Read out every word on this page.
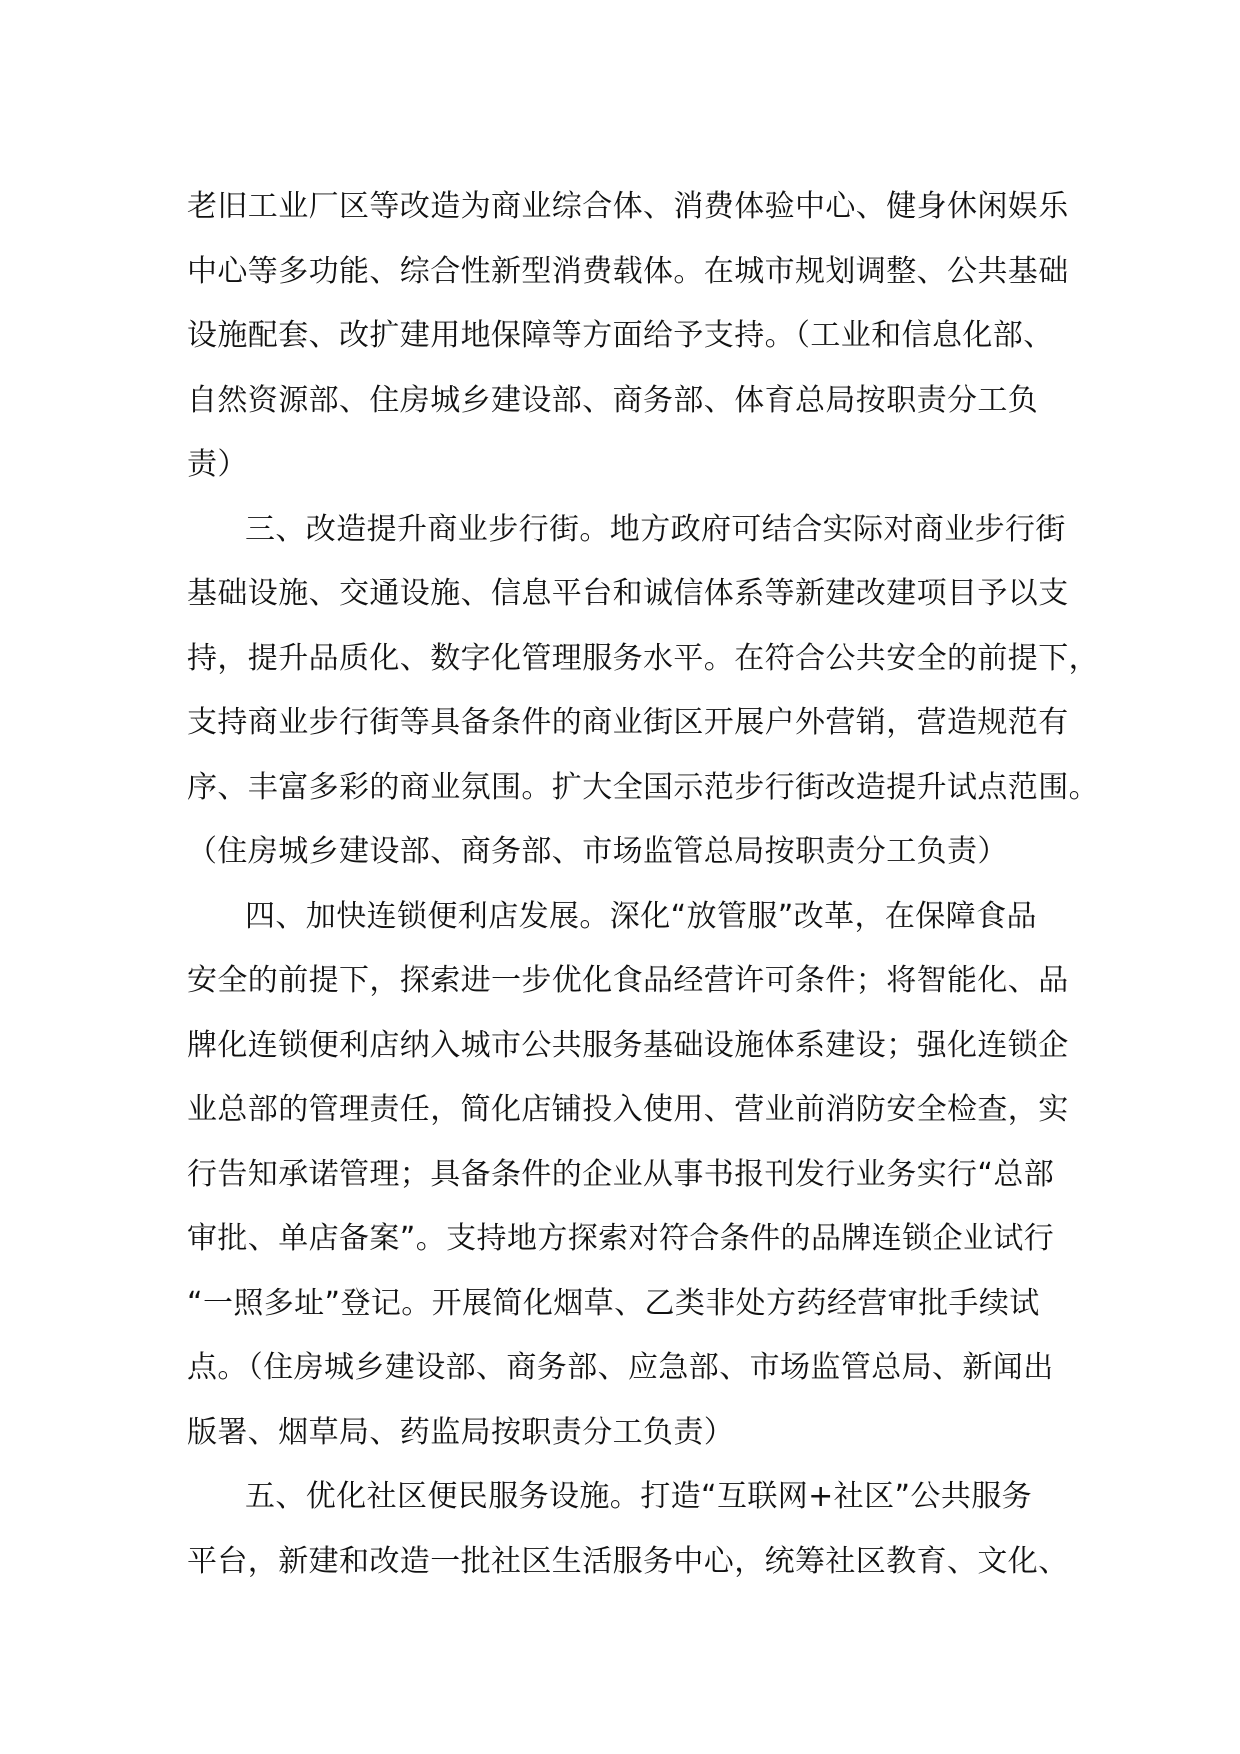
老旧工业厂区等改造为商业综合体、消费体验中心、健身休闲娱乐
中心等多功能、综合性新型消费载体。在城市规划调整、公共基础
设施配套、改扩建用地保障等方面给予支持。（工业和信息化部、
自然资源部、住房城乡建设部、商务部、体育总局按职责分工负
责）
三、改造提升商业步行街。地方政府可结合实际对商业步行街
基础设施、交通设施、信息平台和诚信体系等新建改建项目予以支
持，提升品质化、数字化管理服务水平。在符合公共安全的前提下，
支持商业步行街等具备条件的商业街区开展户外营销，营造规范有
序、丰富多彩的商业氛围。扩大全国示范步行街改造提升试点范围。
（住房城乡建设部、商务部、市场监管总局按职责分工负责）
四、加快连锁便利店发展。深化“放管服”改革，在保障食品
安全的前提下，探索进一步优化食品经营许可条件；将智能化、品
牌化连锁便利店纳入城市公共服务基础设施体系建设；强化连锁企
业总部的管理责任，简化店铺投入使用、营业前消防安全检查，实
行告知承诺管理；具备条件的企业从事书报刊发行业务实行“总部
审批、单店备案”。支持地方探索对符合条件的品牌连锁企业试行
“一照多址”登记。开展简化烟草、乙类非处方药经营审批手续试
点。（住房城乡建设部、商务部、应急部、市场监管总局、新闻出
版署、烟草局、药监局按职责分工负责）
五、优化社区便民服务设施。打造“互联网+社区”公共服务
平台，新建和改造一批社区生活服务中心，统筹社区教育、文化、
